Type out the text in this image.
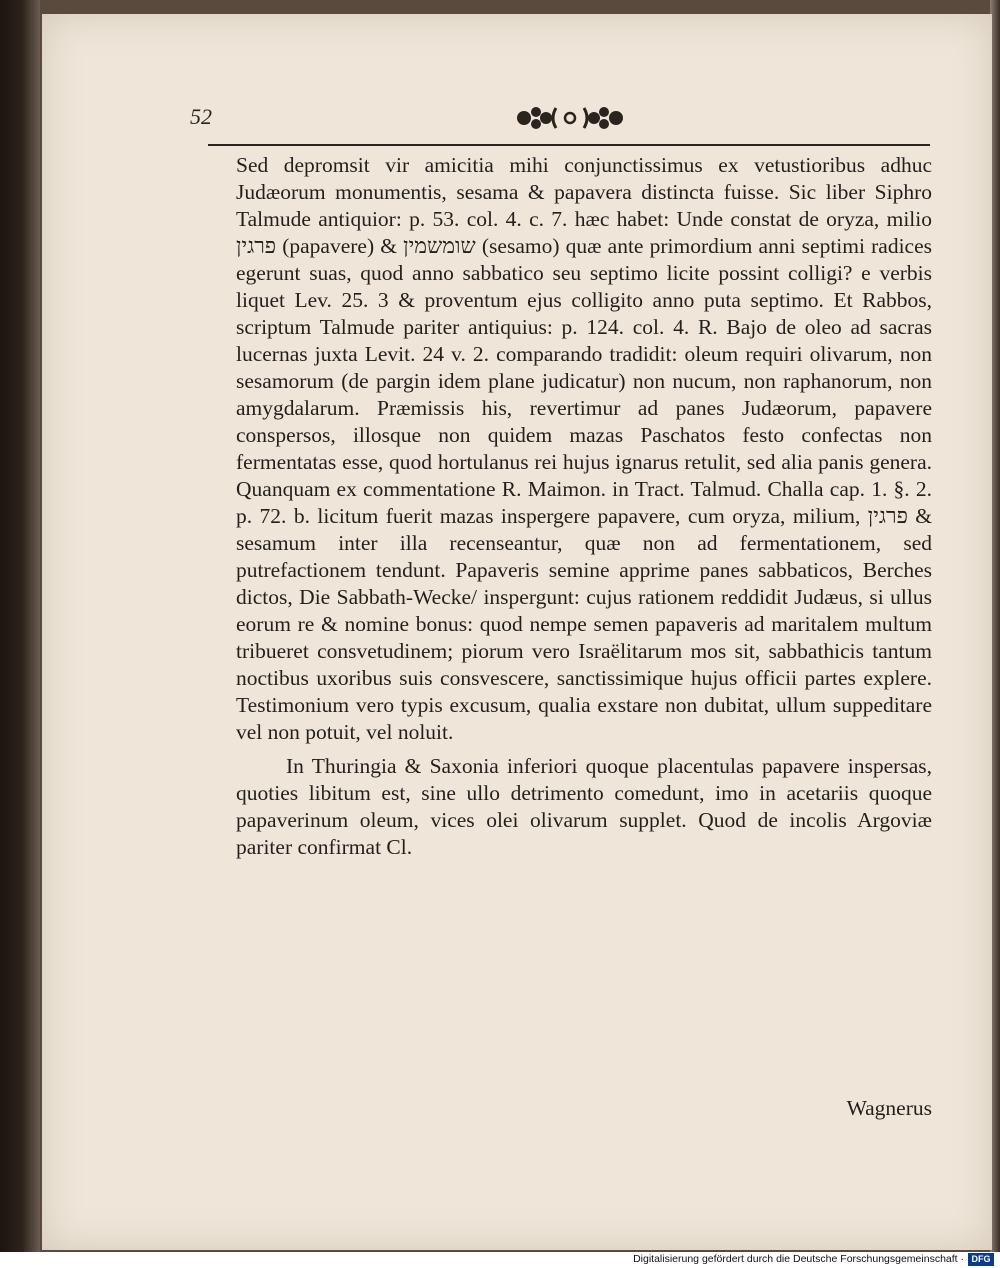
52

Sed depromsit vir amicitia mihi conjunctissimus ex vetustioribus adhuc Judæorum monumentis, sesama & papavera distincta fuisse. Sic liber Siphro Talmude antiquior: p. 53. col. 4. c. 7. hæc habet: Unde constat de oryza, milio פרגין (papavere) & שומשמין (sesamo) quæ ante primordium anni septimi radices egerunt suas, quod anno sabbatico seu septimo licite possint colligi? e verbis liquet Lev. 25. 3 & proventum ejus colligito anno puta septimo. Et Rabbos, scriptum Talmude pariter antiquius: p. 124. col. 4. R. Bajo de oleo ad sacras lucernas juxta Levit. 24 v. 2. comparando tradidit: oleum requiri olivarum, non sesamorum (de pargin idem plane judicatur) non nucum, non raphanorum, non amygdalarum. Præmissis his, revertimur ad panes Judæorum, papavere conspersos, illosque non quidem mazas Paschatos festo confectas non fermentatas esse, quod hortulanus rei hujus ignarus retulit, sed alia panis genera. Quanquam ex commentatione R. Maimon. in Tract. Talmud. Challa cap. 1. §. 2. p. 72. b. licitum fuerit mazas inspergere papavere, cum oryza, milium, פרגין & sesamum inter illa recenseantur, quæ non ad fermentationem, sed putrefactionem tendunt. Papaveris semine apprime panes sabbaticos, Berches dictos, Die Sabbath-Wecke/ inspergunt: cujus rationem reddidit Judæus, si ullus eorum re & nomine bonus: quod nempe semen papaveris ad maritalem multum tribueret consvetudinem; piorum vero Israëlitarum mos sit, sabbathicis tantum noctibus uxoribus suis consvescere, sanctissimique hujus officii partes explere. Testimonium vero typis excusum, qualia exstare non dubitat, ullum suppeditare vel non potuit, vel noluit.

In Thuringia & Saxonia inferiori quoque placentulas papavere inspersas, quoties libitum est, sine ullo detrimento comedunt, imo in acetariis quoque papaverinum oleum, vices olei olivarum supplet. Quod de incolis Argoviæ pariter confirmat Cl.

Wagnerus
Digitalisierung gefördert durch die Deutsche Forschungsgemeinschaft · DFG
